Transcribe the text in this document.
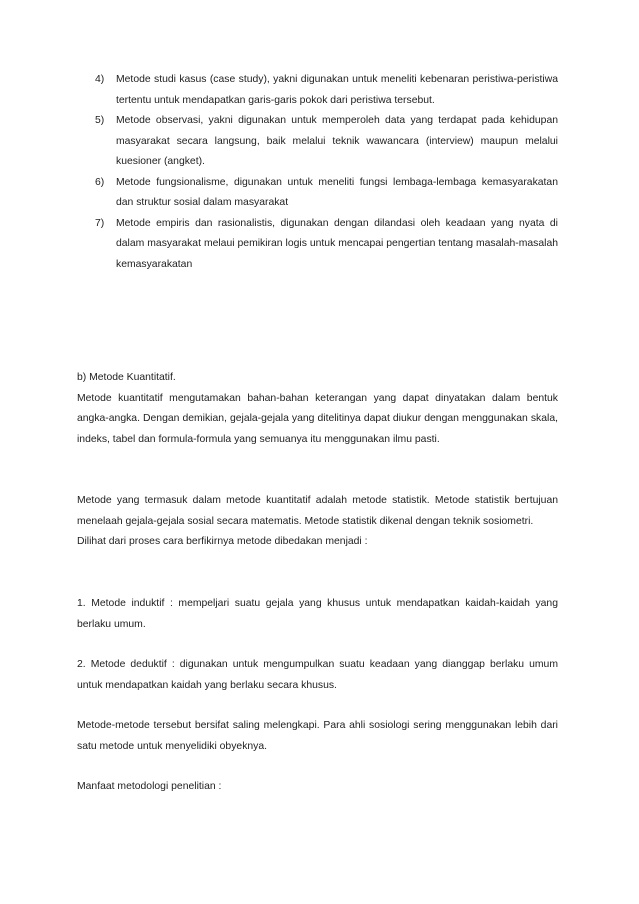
4) Metode studi kasus (case study), yakni digunakan untuk meneliti kebenaran peristiwa-peristiwa tertentu untuk mendapatkan garis-garis pokok dari peristiwa tersebut.
5) Metode observasi, yakni digunakan untuk memperoleh data yang terdapat pada kehidupan masyarakat secara langsung, baik melalui teknik wawancara (interview) maupun melalui kuesioner (angket).
6) Metode fungsionalisme, digunakan untuk meneliti fungsi lembaga-lembaga kemasyarakatan dan struktur sosial dalam masyarakat
7) Metode empiris dan rasionalistis, digunakan dengan dilandasi oleh keadaan yang nyata di dalam masyarakat melaui pemikiran logis untuk mencapai pengertian tentang masalah-masalah kemasyarakatan

b) Metode Kuantitatif.

Metode kuantitatif mengutamakan bahan-bahan keterangan yang dapat dinyatakan dalam bentuk angka-angka. Dengan demikian, gejala-gejala yang ditelitinya dapat diukur dengan menggunakan skala, indeks, tabel dan formula-formula yang semuanya itu menggunakan ilmu pasti.

Metode yang termasuk dalam metode kuantitatif adalah metode statistik. Metode statistik bertujuan menelaah gejala-gejala sosial secara matematis. Metode statistik dikenal dengan teknik sosiometri.

Dilihat dari proses cara berfikirnya metode dibedakan menjadi :

1. Metode induktif : mempeljari suatu gejala yang khusus untuk mendapatkan kaidah-kaidah yang berlaku umum.

2. Metode deduktif : digunakan untuk mengumpulkan suatu keadaan yang dianggap berlaku umum untuk mendapatkan kaidah yang berlaku secara khusus.

Metode-metode tersebut bersifat saling melengkapi. Para ahli sosiologi sering menggunakan lebih dari satu metode untuk menyelidiki obyeknya.

Manfaat metodologi penelitian :
